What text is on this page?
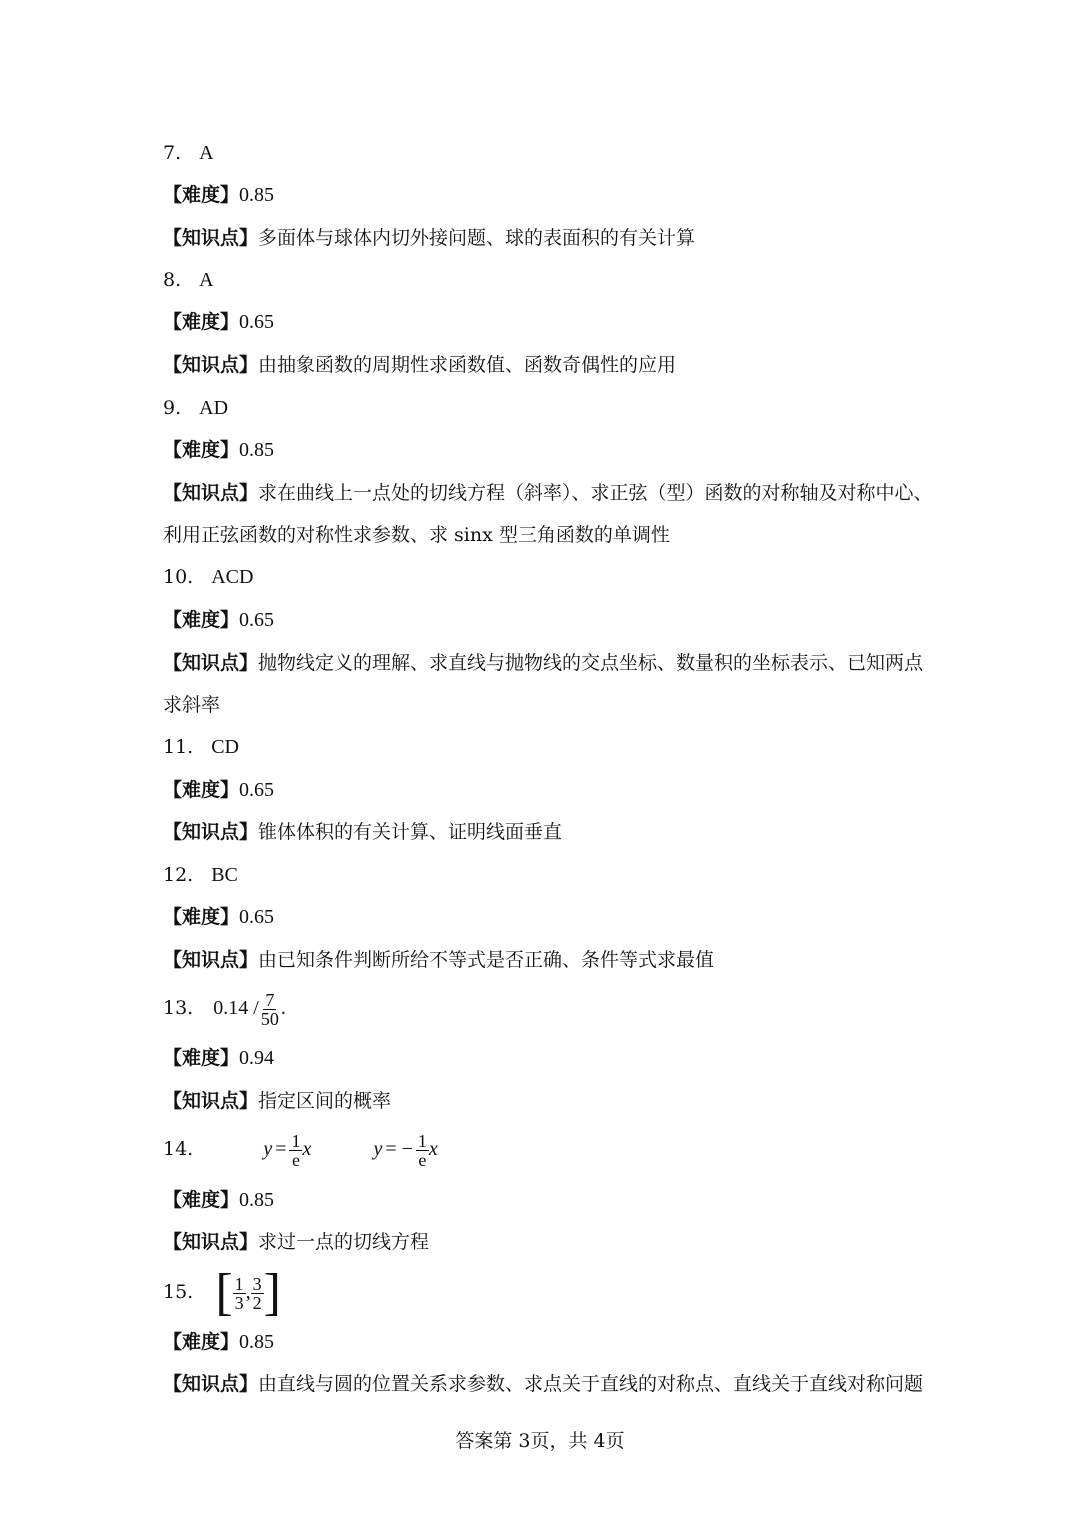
7. A
【难度】0.85
【知识点】多面体与球体内切外接问题、球的表面积的有关计算
8. A
【难度】0.65
【知识点】由抽象函数的周期性求函数值、函数奇偶性的应用
9. AD
【难度】0.85
【知识点】求在曲线上一点处的切线方程（斜率）、求正弦（型）函数的对称轴及对称中心、
利用正弦函数的对称性求参数、求 sinx 型三角函数的单调性
10. ACD
【难度】0.65
【知识点】抛物线定义的理解、求直线与抛物线的交点坐标、数量积的坐标表示、已知两点
求斜率
11. CD
【难度】0.65
【知识点】锥体体积的有关计算、证明线面垂直
12. BC
【难度】0.65
【知识点】由已知条件判断所给不等式是否正确、条件等式求最值
13. $0.14 / \frac{7}{50}$ .
【难度】0.94
【知识点】指定区间的概率
14.	$y = \frac{1}{e}$ x	y = − $\frac{1}{e}$ x
【难度】0.85
【知识点】求过一点的切线方程
15. [ $\frac{1}{3}$ , $\frac{3}{2}$ ]
【难度】0.85
【知识点】由直线与圆的位置关系求参数、求点关于直线的对称点、直线关于直线对称问题
答案第 3页，共 4页
